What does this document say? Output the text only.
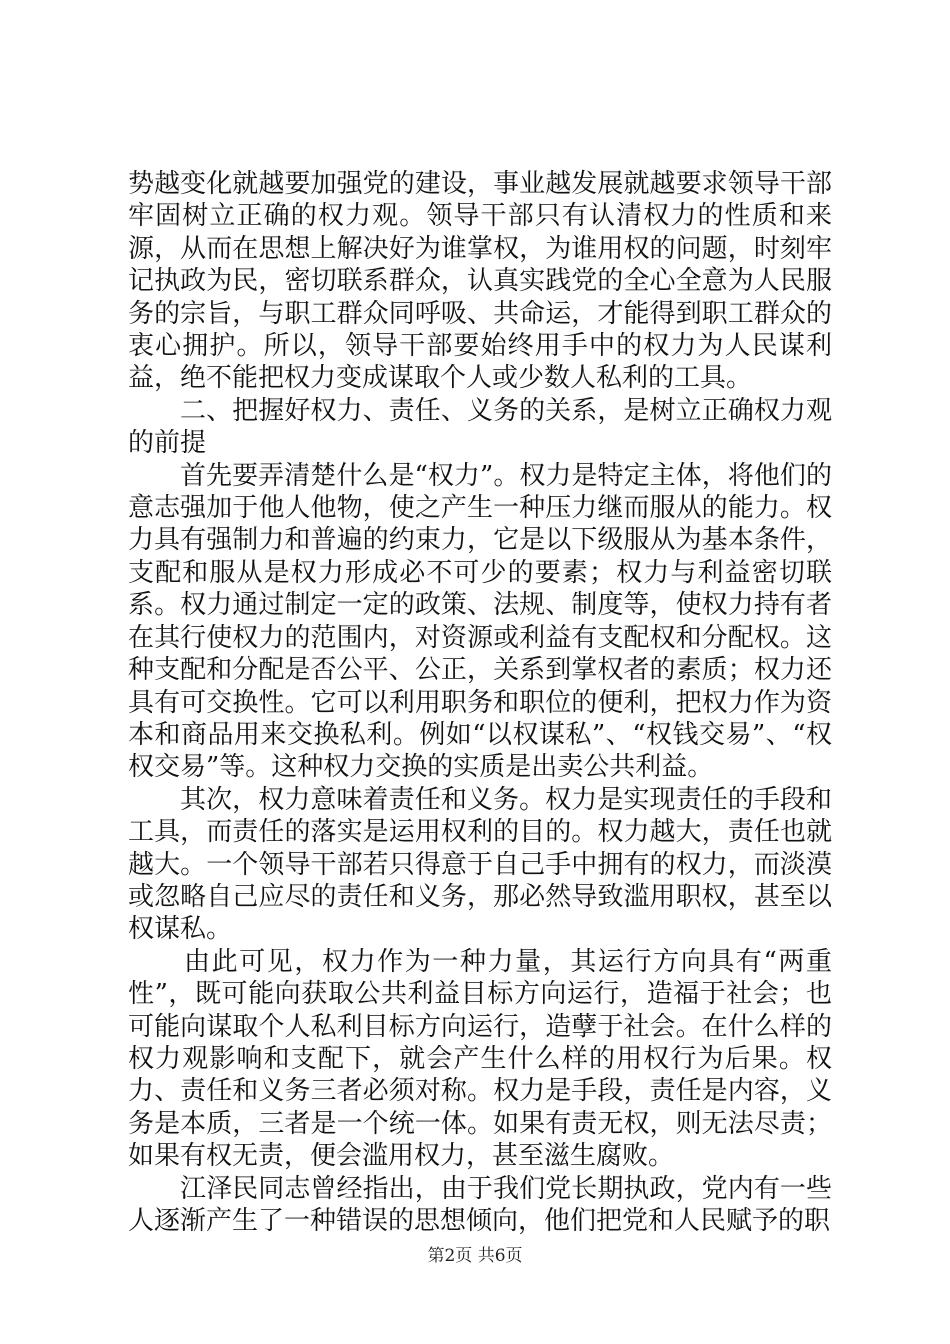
势越变化就越要加强党的建设，事业越发展就越要求领导干部牢固树立正确的权力观。领导干部只有认清权力的性质和来源，从而在思想上解决好为谁掌权，为谁用权的问题，时刻牢记执政为民，密切联系群众，认真实践党的全心全意为人民服务的宗旨，与职工群众同呼吸、共命运，才能得到职工群众的衷心拥护。所以，领导干部要始终用手中的权力为人民谋利益，绝不能把权力变成谋取个人或少数人私利的工具。

二、把握好权力、责任、义务的关系，是树立正确权力观的前提

首先要弄清楚什么是“权力”。权力是特定主体，将他们的意志强加于他人他物，使之产生一种压力继而服从的能力。权力具有强制力和普遍的约束力，它是以下级服从为基本条件，支配和服从是权力形成必不可少的要素；权力与利益密切联系。权力通过制定一定的政策、法规、制度等，使权力持有者在其行使权力的范围内，对资源或利益有支配权和分配权。这种支配和分配是否公平、公正，关系到掌权者的素质；权力还具有可交换性。它可以利用职务和职位的便利，把权力作为资本和商品用来交换私利。例如“以权谋私”、“权钱交易”、“权权交易”等。这种权力交换的实质是出卖公共利益。

其次，权力意味着责任和义务。权力是实现责任的手段和工具，而责任的落实是运用权利的目的。权力越大，责任也就越大。一个领导干部若只得意于自己手中拥有的权力，而淡漠或忽略自己应尽的责任和义务，那必然导致滥用职权，甚至以权谋私。

由此可见，权力作为一种力量，其运行方向具有“两重性”，既可能向获取公共利益目标方向运行，造福于社会；也可能向谋取个人私利目标方向运行，造孽于社会。在什么样的权力观影响和支配下，就会产生什么样的用权行为后果。权力、责任和义务三者必须对称。权力是手段，责任是内容，义务是本质，三者是一个统一体。如果有责无权，则无法尽责；如果有权无责，便会滥用权力，甚至滋生腐败。

江泽民同志曾经指出，由于我们党长期执政，党内有一些人逐渐产生了一种错误的思想倾向，他们把党和人民赋予的职

第2页 共6页
